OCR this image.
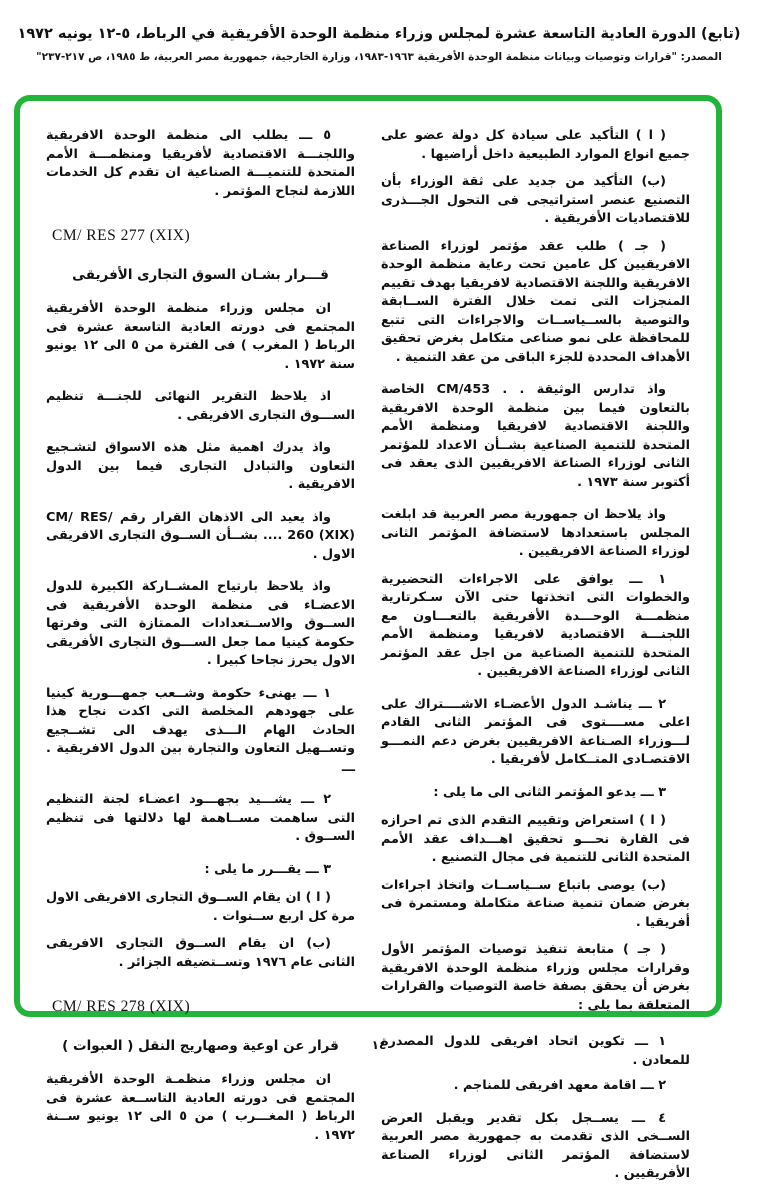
(تابع) الدورة العادية التاسعة عشرة لمجلس وزراء منظمة الوحدة الأفريقية في الرباط، ٥-١٢ يونيه ١٩٧٢
المصدر: "قرارات وتوصيات وبيانات منظمة الوحدة الأفريقية ١٩٦٣-١٩٨٣، وزارة الخارجية، جمهورية مصر العربية، ط ١٩٨٥، ص ٢١٧-٢٣٧"
( ا ) التأكيد على سيادة كل دولة عضو على جميع انواع الموارد الطبيعية داخل أراضيها .
(ب) التأكيد من جديد على ثقة الوزراء بأن التصنيع عنصر استراتيجى فى التحول الجـــذرى للاقتصاديات الأفريقية .
( جـ ) طلب عقد مؤتمر لوزراء الصناعة الافريقيين كل عامين تحت رعاية منظمة الوحدة الافريقية واللجنة الاقتصادية لافريقيا بهدف تقييم المنجزات التى تمت خلال الفترة الســابقة والتوصية بالســياســات والاجراءات التى تتبع للمحافظة على نمو صناعى متكامل بغرض تحقيق الأهداف المحددة للجزء الباقى من عقد التنمية .
واذ تدارس الوثيقة . . CM/453 الخاصة بالتعاون فيما بين منظمة الوحدة الافريقية واللجنة الاقتصادية لافريقيا ومنظمة الأمم المتحدة للتنمية الصناعية بشــأن الاعداد للمؤتمر الثانى لوزراء الصناعة الافريقيين الذى يعقد فى أكتوبر سنة ١٩٧٣ .
واذ يلاحظ ان جمهورية مصر العربية قد ابلغت المجلس باستعدادها لاستضافة المؤتمر الثانى لوزراء الصناعة الافريقيين .
١ ـــ يوافق على الاجراءات التحضيرية والخطوات التى اتخذتها حتى الآن سـكرتارية منظمـــة الوحـــدة الأفريقية بالتعـــاون مع اللجنـــة الاقتصادية لافريقيا ومنظمة الأمم المتحدة للتنمية الصناعية من اجل عقد المؤتمر الثانى لوزراء الصناعة الافريقيين .
٢ ـــ يناشـد الدول الأعضـاء الاشــــتراك على اعلى مســــتوى فى المؤتمر الثانى القادم لـــوزراء الصـناعة الافريقيين بغرض دعم النمـــو الاقتصـادى المتــكامل لأفريقيا .
٣ ـــ يدعو المؤتمر الثانى الى ما يلى :
( ا ) استعراض وتقييم التقدم الذى تم احرازه فى القارة نحـــو تحقيق اهـــداف عقد الأمم المتحدة الثانى للتنمية فى مجال التصنيع .
(ب) يوصى باتباع ســياســات واتخاذ اجراءات بغرض ضمان تنمية صناعة متكاملة ومستمرة فى أفريقيا .
( جـ ) متابعة تنفيذ توصيات المؤتمر الأول وقرارات مجلس وزراء منظمة الوحدة الافريقية بغرض أن يحقق بصفة خاصة التوصيات والقرارات المتعلقة بما يلى :
١ ـــ تكوين اتحاد افريقى للدول المصدرة للمعادن .
٢ ـــ اقامة معهد افريقى للمناجم .
٤ ـــ يســجل بكل تقدير ويقبل العرض الســخى الذى تقدمت به جمهورية مصر العربية لاستضافة المؤتمر الثانى لوزراء الصناعة الأفريقيين .
٥ ـــ يطلب الى منظمة الوحدة الافريقية واللجنـــة الاقتصادية لأفريقيا ومنظمـــة الأمم المتحدة للتنميـــة الصناعية ان تقدم كل الخدمات اللازمة لنجاح المؤتمر .
CM/ RES 277 (XIX)
قـــرار بشـان السوق التجارى الأفريقى
ان مجلس وزراء منظمة الوحدة الأفريقية المجتمع فى دورته العادية التاسعة عشرة فى الرباط ( المغرب ) فى الفترة من ٥ الى ١٢ يونيو سنة ١٩٧٢ .
اذ يلاحظ التقرير النهائى للجنـــة تنظيم الســـوق التجارى الافريقى .
واذ يدرك اهمية مثل هذه الاسواق لتشـجيع التعاون والتبادل التجارى فيما بين الدول الافريقية .
واذ يعيد الى الاذهان القرار رقم CM/ RES/ 260 (XIX) .... بشــأن الســوق التجارى الافريقى الاول .
واذ يلاحظ بارتياح المشــاركة الكبيرة للدول الاعضـاء فى منظمة الوحدة الأفريقية فى الســوق والاســتعدادات الممتازة التى وفرتها حكومة كينيا مما جعل الســـوق التجارى الأفريقى الاول يحرز نجاحا كبيرا .
١ ـــ يهنىء حكومة وشــعب جمهـــورية كينيا على جهودهم المخلصة التى اكدت نجاح هذا الحادث الهام الـــذى يهدف الى تشــجيع وتســهيل التعاون والتجارة بين الدول الافريقية . ـــ
٢ ـــ يشـــيد بجهـــود اعضـاء لجنة التنظيم التى ساهمت مســاهمة لها دلالتها فى تنظيم الســوق .
٣ ـــ يقـــرر ما يلى :
( ا ) ان يقام الســوق التجارى الافريقى الاول مرة كل اربع ســنوات .
(ب) ان يقام الســوق التجارى الافريقى الثانى عام ١٩٧٦ وتســتضيفه الجزائر .
CM/ RES 278 (XIX)
قرار عن اوعية وصهاريج النقل ( العبوات )
ان مجلس وزراء منظمـة الوحدة الأفريقية المجتمع فى دورته العادية التاســعة عشرة فى الرباط ( المغـــرب ) من ٥ الى ١٢ يونيو ســنة ١٩٧٢ .
١٤
